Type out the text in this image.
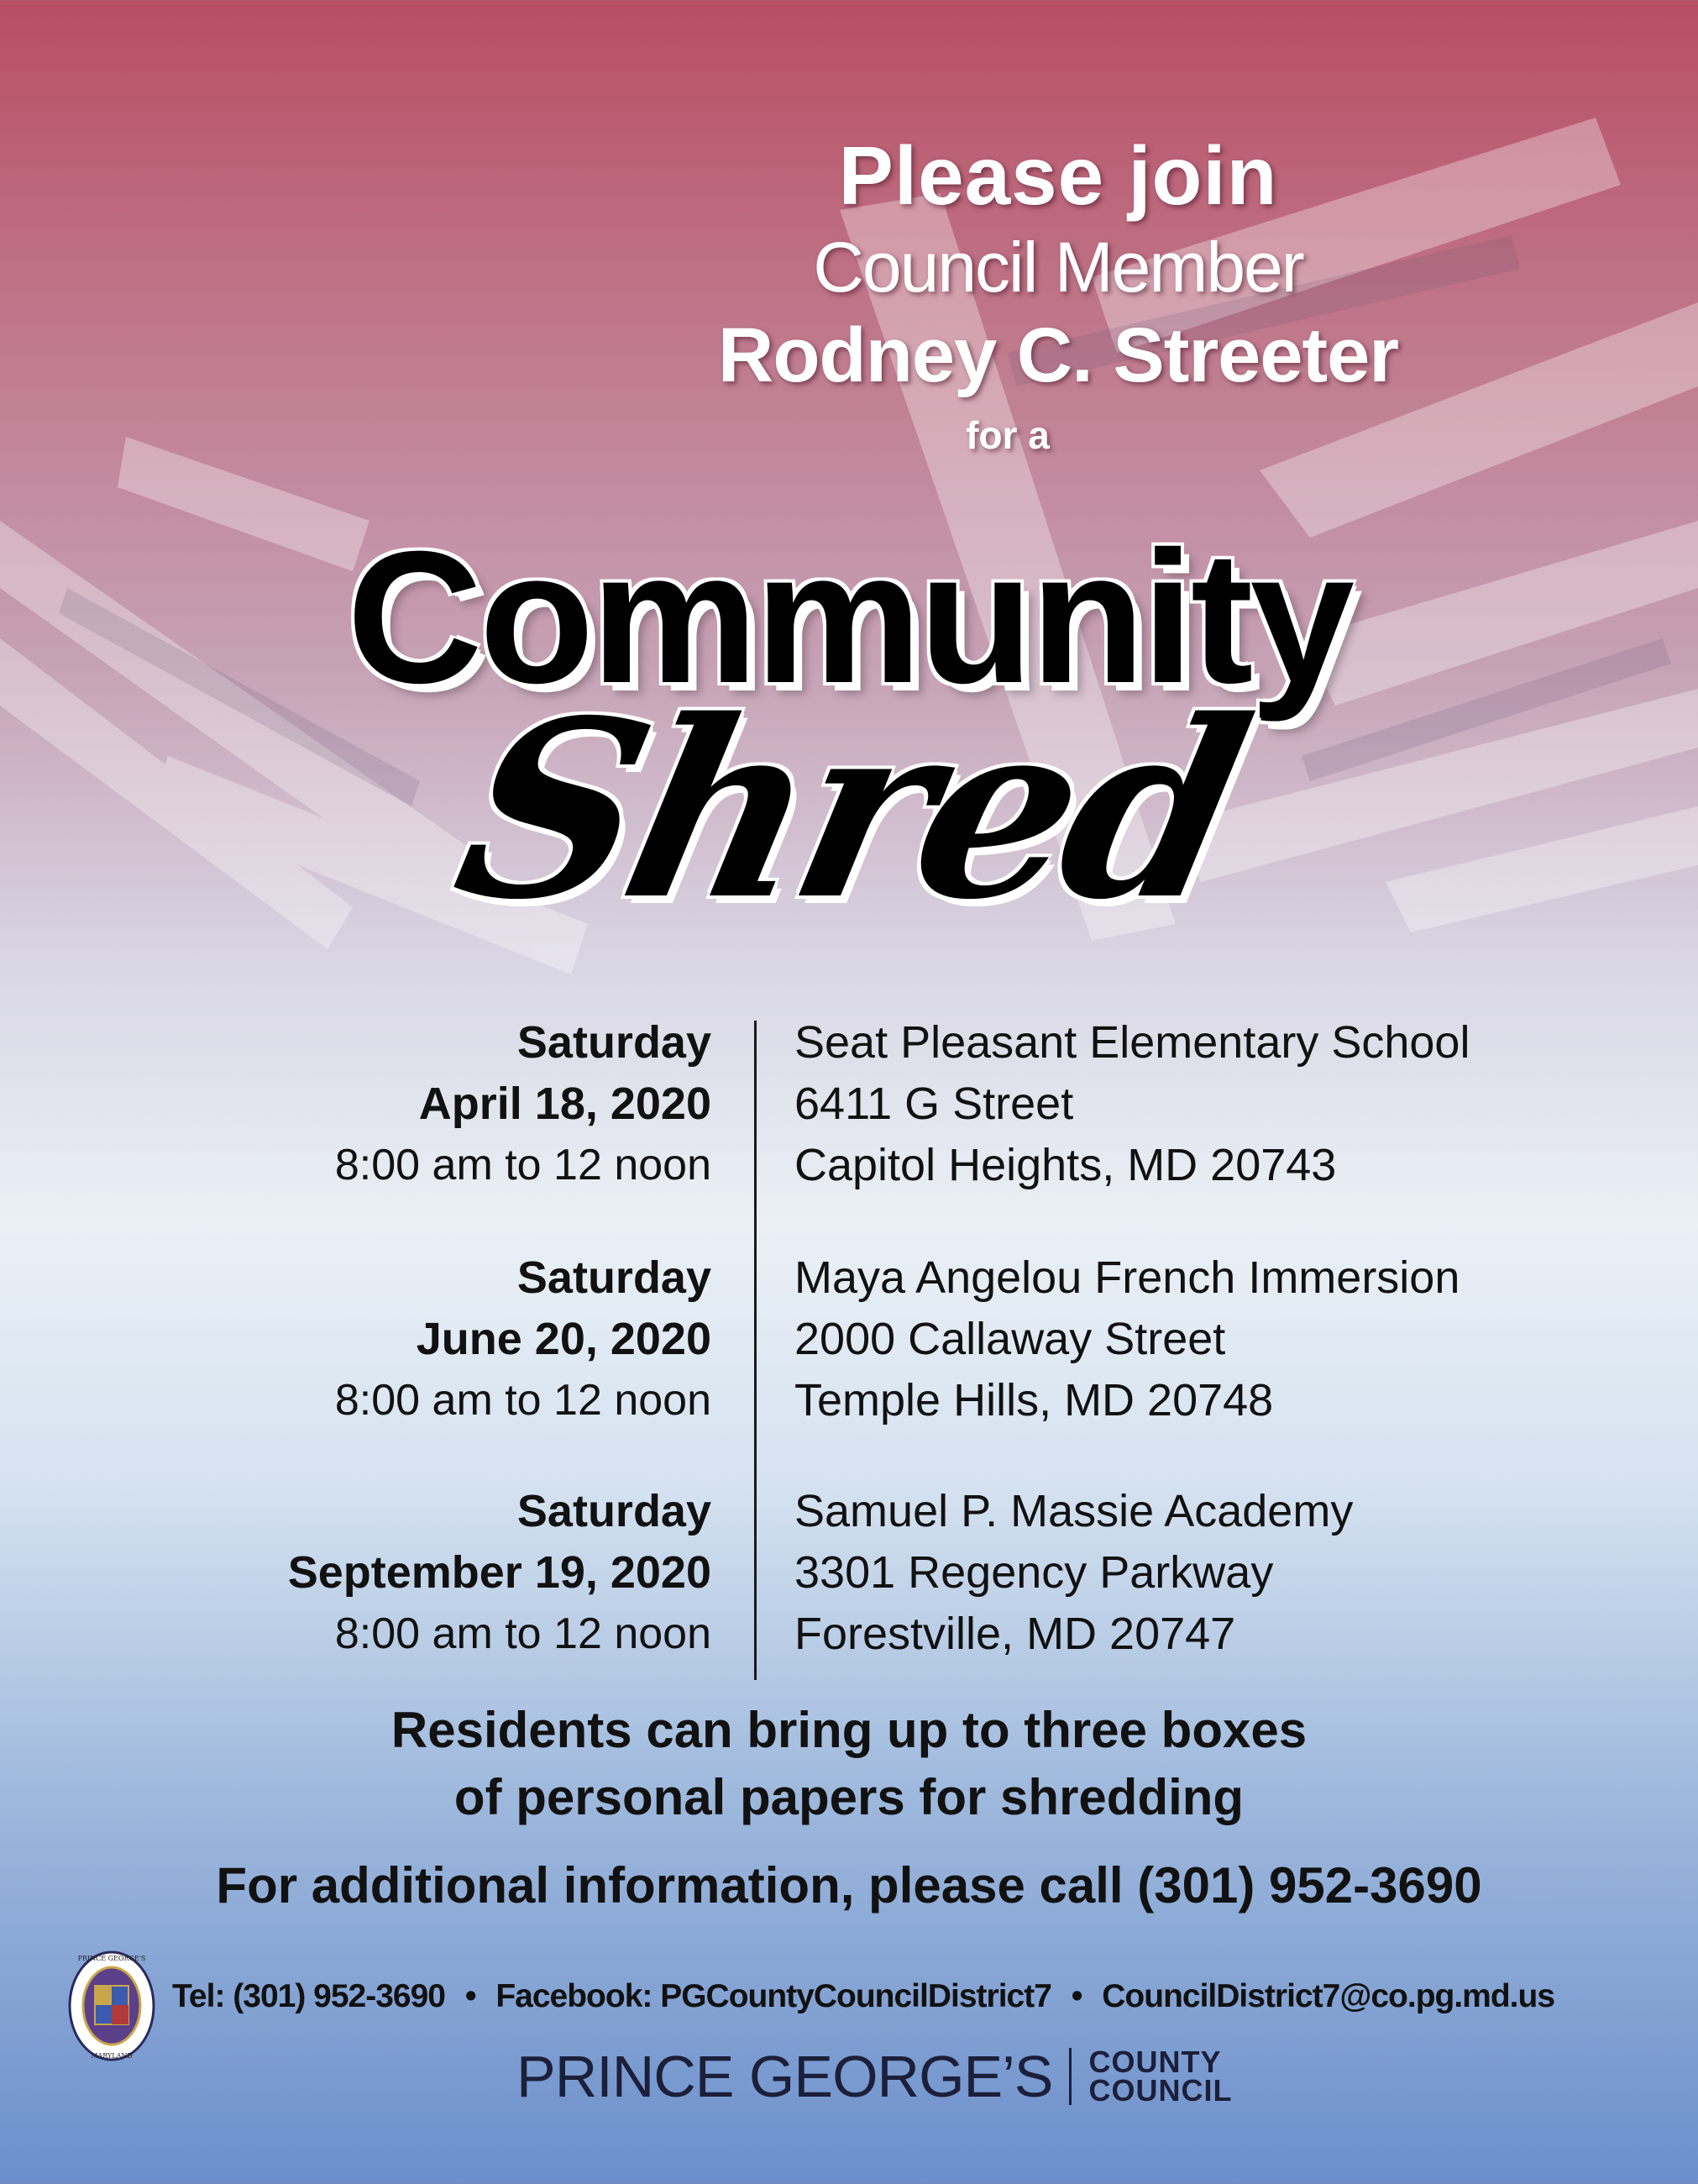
Please join
Council Member
Rodney C. Streeter
for a
Community
Shred
Saturday
April 18, 2020
8:00 am to 12 noon
Seat Pleasant Elementary School
6411 G Street
Capitol Heights, MD 20743
Saturday
June 20, 2020
8:00 am to 12 noon
Maya Angelou French Immersion
2000 Callaway Street
Temple Hills, MD 20748
Saturday
September 19, 2020
8:00 am to 12 noon
Samuel P. Massie Academy
3301 Regency Parkway
Forestville, MD 20747
Residents can bring up to three boxes
of personal papers for shredding
For additional information, please call (301) 952-3690
PRINCE GEORGE'S
MARYLAND
Tel: (301) 952-3690 • Facebook: PGCountyCouncilDistrict7 • CouncilDistrict7@co.pg.md.us
PRINCE GEORGE’S COUNTY
COUNCIL
